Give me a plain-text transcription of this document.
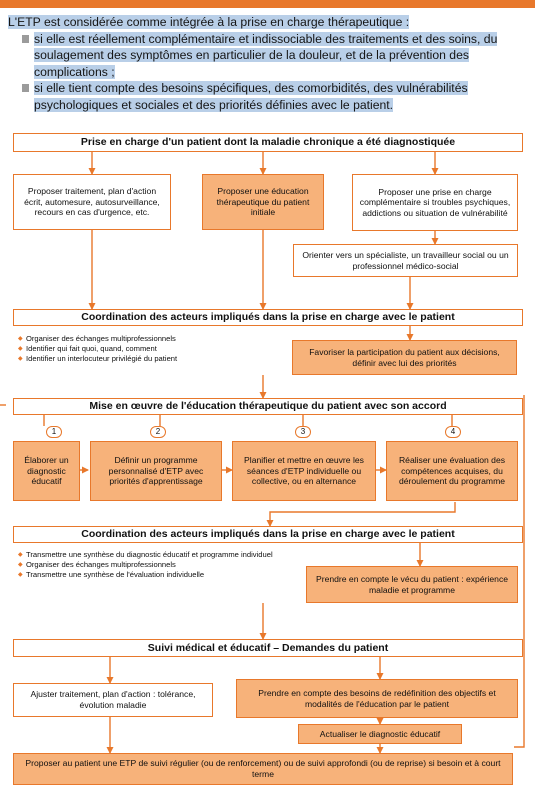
L'ETP est considérée comme intégrée à la prise en charge thérapeutique :
si elle est réellement complémentaire et indissociable des traitements et des soins, du soulagement des symptômes en particulier de la douleur, et de la prévention des complications ;
si elle tient compte des besoins spécifiques, des comorbidités, des vulnérabilités psychologiques et sociales et des priorités définies avec le patient.
Prise en charge d'un patient dont la maladie chronique a été diagnostiquée
Proposer traitement, plan d'action écrit, automesure, autosurveillance, recours en cas d'urgence, etc.
Proposer une éducation thérapeutique du patient initiale
Proposer une prise en charge complémentaire si troubles psychiques, addictions ou situation de vulnérabilité
Orienter vers un spécialiste, un travailleur social ou un professionnel médico-social
Coordination des acteurs impliqués dans la prise en charge avec le patient
◆ Organiser des échanges multiprofessionnels
◆ Identifier qui fait quoi, quand, comment
◆ Identifier un interlocuteur privilégié du patient
Favoriser la participation du patient aux décisions, définir avec lui des priorités
Mise en œuvre de l'éducation thérapeutique du patient avec son accord
1	2	3	4
Élaborer un diagnostic éducatif
Définir un programme personnalisé d'ETP avec priorités d'apprentissage
Planifier et mettre en œuvre les séances d'ETP individuelle ou collective, ou en alternance
Réaliser une évaluation des compétences acquises, du déroulement du programme
Coordination des acteurs impliqués dans la prise en charge avec le patient
◆ Transmettre une synthèse du diagnostic éducatif et programme individuel
◆ Organiser des échanges multiprofessionnels
◆ Transmettre une synthèse de l'évaluation individuelle	Prendre en compte le vécu du patient : expérience maladie et programme
Suivi médical et éducatif – Demandes du patient
Ajuster traitement, plan d'action : tolérance, évolution maladie
Prendre en compte des besoins de redéfinition des objectifs et modalités de l'éducation par le patient
Actualiser le diagnostic éducatif
Proposer au patient une ETP de suivi régulier (ou de renforcement) ou de suivi approfondi (ou de reprise) si besoin et à court terme
